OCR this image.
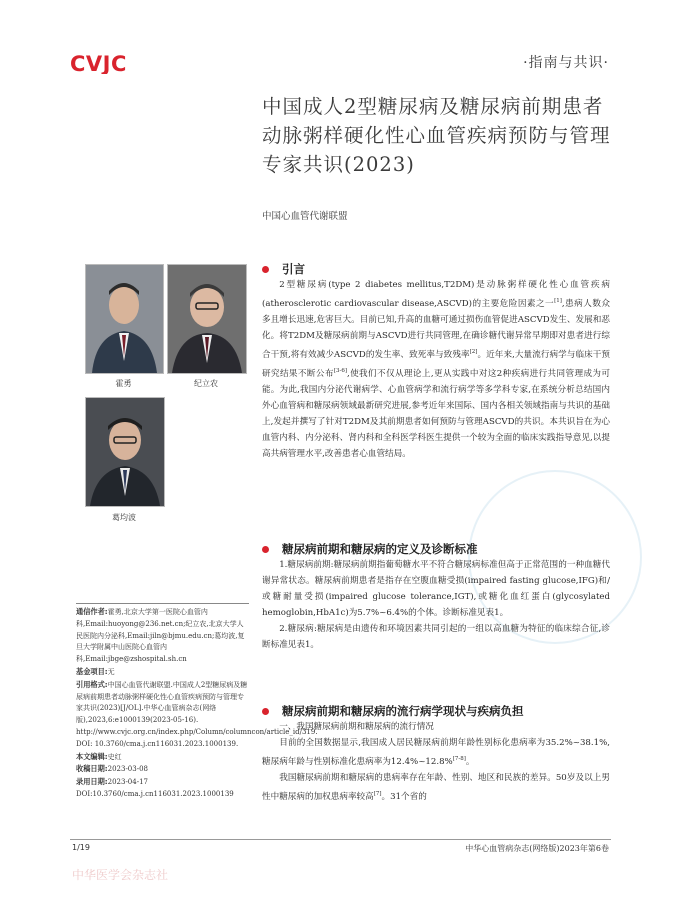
CVJC	·指南与共识·
中国成人2型糖尿病及糖尿病前期患者动脉粥样硬化性心血管疾病预防与管理专家共识(2023)
中国心血管代谢联盟
霍勇	纪立农
葛均波
引言

2型糖尿病(type 2 diabetes mellitus,T2DM)是动脉粥样硬化性心血管疾病(atherosclerotic cardiovascular disease,ASCVD)的主要危险因素之一[1],患病人数众多且增长迅速,危害巨大。目前已知,升高的血糖可通过损伤血管促进ASCVD发生、发展和恶化。将T2DM及糖尿病前期与ASCVD进行共同管理,在确诊糖代谢异常早期即对患者进行综合干预,将有效减少ASCVD的发生率、致死率与致残率[2]。近年来,大量流行病学与临床干预研究结果不断公布[3-6],使我们不仅从理论上,更从实践中对这2种疾病进行共同管理成为可能。为此,我国内分泌代谢病学、心血管病学和流行病学等多学科专家,在系统分析总结国内外心血管病和糖尿病领域最新研究进展,参考近年来国际、国内各相关领域指南与共识的基础上,发起并撰写了针对T2DM及其前期患者如何预防与管理ASCVD的共识。本共识旨在为心血管内科、内分泌科、肾内科和全科医学科医生提供一个较为全面的临床实践指导意见,以提高共病管理水平,改善患者心血管结局。

糖尿病前期和糖尿病的定义及诊断标准

1.糖尿病前期:糖尿病前期指葡萄糖水平不符合糖尿病标准但高于正常范围的一种血糖代谢异常状态。糖尿病前期患者是指存在空腹血糖受损(impaired fasting glucose,IFG)和/或糖耐量受损(impaired glucose tolerance,IGT),或糖化血红蛋白(glycosylated hemoglobin,HbA1c)为5.7%~6.4%的个体。诊断标准见表1。

2.糖尿病:糖尿病是由遗传和环境因素共同引起的一组以高血糖为特征的临床综合征,诊断标准见表1。

糖尿病前期和糖尿病的流行病学现状与疾病负担

一、我国糖尿病前期和糖尿病的流行情况

目前的全国数据显示,我国成人居民糖尿病前期年龄性别标化患病率为35.2%~38.1%,糖尿病年龄与性别标准化患病率为12.4%~12.8%[7-8]。

我国糖尿病前期和糖尿病的患病率存在年龄、性别、地区和民族的差异。50岁及以上男性中糖尿病的加权患病率较高[7]。31个省的

通信作者:霍勇,北京大学第一医院心血管内科,Email:huoyong@236.net.cn;纪立农,北京大学人民医院内分泌科,Email:jiln@bjmu.edu.cn;葛均波,复旦大学附属中山医院心血管内科,Email:jbge@zshospital.sh.cn
基金项目:无
引用格式:中国心血管代谢联盟.中国成人2型糖尿病及糖尿病前期患者动脉粥样硬化性心血管疾病预防与管理专家共识(2023)[J/OL].中华心血管病杂志(网络版),2023,6:e1000139(2023-05-16). http://www.cvjc.org.cn/index.php/Column/columncon/article_id/319. DOI: 10.3760/cma.j.cn116031.2023.1000139.
本文编辑:史红
收稿日期:2023-03-08
录用日期:2023-04-17
DOI:10.3760/cma.j.cn116031.2023.1000139
1/19	中华心血管病杂志(网络版)2023年第6卷
中华医学会杂志社
